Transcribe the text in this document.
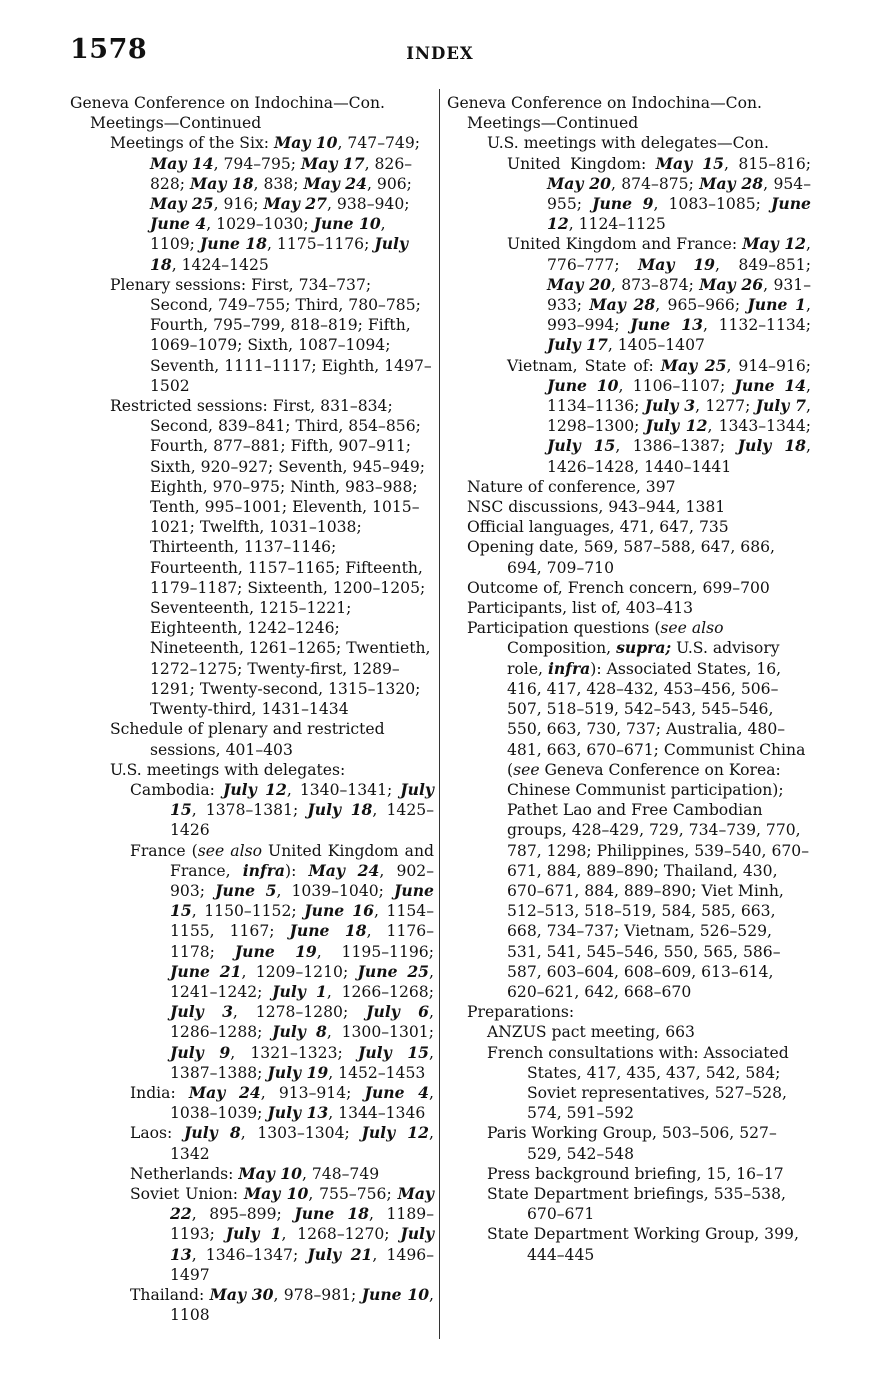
1578	INDEX

Geneva Conference on Indochina—Con.

Meetings—Continued

Meetings of the Six: May 10, 747–749; May 14, 794–795; May 17, 826–828; May 18, 838; May 24, 906; May 25, 916; May 27, 938–940; June 4, 1029–1030; June 10, 1109; June 18, 1175–1176; July 18, 1424–1425

Plenary sessions: First, 734–737; Second, 749–755; Third, 780–785; Fourth, 795–799, 818–819; Fifth, 1069–1079; Sixth, 1087–1094; Seventh, 1111–1117; Eighth, 1497–1502

Restricted sessions: First, 831–834; Second, 839–841; Third, 854–856; Fourth, 877–881; Fifth, 907–911; Sixth, 920–927; Seventh, 945–949; Eighth, 970–975; Ninth, 983–988; Tenth, 995–1001; Eleventh, 1015–1021; Twelfth, 1031–1038; Thirteenth, 1137–1146; Fourteenth, 1157–1165; Fifteenth, 1179–1187; Sixteenth, 1200–1205; Seventeenth, 1215–1221; Eighteenth, 1242–1246; Nineteenth, 1261–1265; Twentieth, 1272–1275; Twenty-first, 1289–1291; Twenty-second, 1315–1320; Twenty-third, 1431–1434

Schedule of plenary and restricted sessions, 401–403

U.S. meetings with delegates:

Cambodia: July 12, 1340–1341; July 15, 1378–1381; July 18, 1425–1426

France (see also United Kingdom and France, infra): May 24, 902–903; June 5, 1039–1040; June 15, 1150–1152; June 16, 1154–1155, 1167; June 18, 1176–1178; June 19, 1195–1196; June 21, 1209–1210; June 25, 1241–1242; July 1, 1266–1268; July 3, 1278–1280; July 6, 1286–1288; July 8, 1300–1301; July 9, 1321–1323; July 15, 1387–1388; July 19, 1452–1453

India: May 24, 913–914; June 4, 1038–1039; July 13, 1344–1346

Laos: July 8, 1303–1304; July 12, 1342

Netherlands: May 10, 748–749

Soviet Union: May 10, 755–756; May 22, 895–899; June 18, 1189–1193; July 1, 1268–1270; July 13, 1346–1347; July 21, 1496–1497

Thailand: May 30, 978–981; June 10, 1108

Geneva Conference on Indochina—Con.

Meetings—Continued

U.S. meetings with delegates—Con.

United Kingdom: May 15, 815–816; May 20, 874–875; May 28, 954–955; June 9, 1083–1085; June 12, 1124–1125

United Kingdom and France: May 12, 776–777; May 19, 849–851; May 20, 873–874; May 26, 931–933; May 28, 965–966; June 1, 993–994; June 13, 1132–1134; July 17, 1405–1407

Vietnam, State of: May 25, 914–916; June 10, 1106–1107; June 14, 1134–1136; July 3, 1277; July 7, 1298–1300; July 12, 1343–1344; July 15, 1386–1387; July 18, 1426–1428, 1440–1441

Nature of conference, 397

NSC discussions, 943–944, 1381

Official languages, 471, 647, 735

Opening date, 569, 587–588, 647, 686, 694, 709–710

Outcome of, French concern, 699–700

Participants, list of, 403–413

Participation questions (see also Composition, supra; U.S. advisory role, infra): Associated States, 16, 416, 417, 428–432, 453–456, 506–507, 518–519, 542–543, 545–546, 550, 663, 730, 737; Australia, 480–481, 663, 670–671; Communist China (see Geneva Conference on Korea: Chinese Communist participation); Pathet Lao and Free Cambodian groups, 428–429, 729, 734–739, 770, 787, 1298; Philippines, 539–540, 670–671, 884, 889–890; Thailand, 430, 670–671, 884, 889–890; Viet Minh, 512–513, 518–519, 584, 585, 663, 668, 734–737; Vietnam, 526–529, 531, 541, 545–546, 550, 565, 586–587, 603–604, 608–609, 613–614, 620–621, 642, 668–670

Preparations:

ANZUS pact meeting, 663

French consultations with: Associated States, 417, 435, 437, 542, 584; Soviet representatives, 527–528, 574, 591–592

Paris Working Group, 503–506, 527–529, 542–548

Press background briefing, 15, 16–17

State Department briefings, 535–538, 670–671

State Department Working Group, 399, 444–445
